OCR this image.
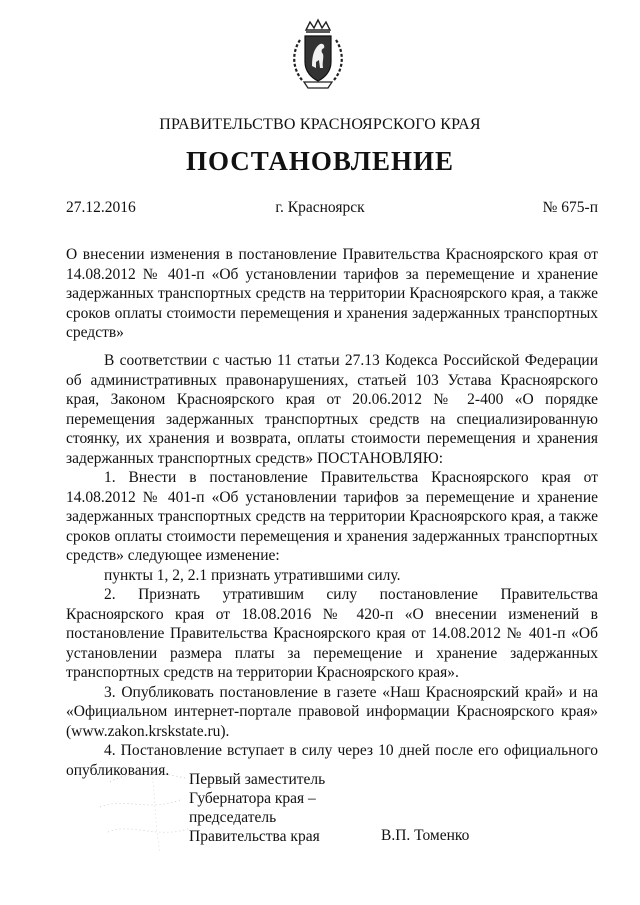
ПРАВИТЕЛЬСТВО КРАСНОЯРСКОГО КРАЯ
ПОСТАНОВЛЕНИЕ
27.12.2016	г. Красноярск	№ 675-п
О внесении изменения в постановление Правительства Красноярского края от 14.08.2012 № 401-п «Об установлении тарифов за перемещение и хранение задержанных транспортных средств на территории Красноярского края, а также сроков оплаты стоимости перемещения и хранения задержанных транспортных средств»

В соответствии с частью 11 статьи 27.13 Кодекса Российской Федерации об административных правонарушениях, статьей 103 Устава Красноярского края, Законом Красноярского края от 20.06.2012 № 2-400 «О порядке перемещения задержанных транспортных средств на специализированную стоянку, их хранения и возврата, оплаты стоимости перемещения и хранения задержанных транспортных средств» ПОСТАНОВЛЯЮ:

1. Внести в постановление Правительства Красноярского края от 14.08.2012 № 401-п «Об установлении тарифов за перемещение и хранение задержанных транспортных средств на территории Красноярского края, а также сроков оплаты стоимости перемещения и хранения задержанных транспортных средств» следующее изменение:

пункты 1, 2, 2.1 признать утратившими силу.

2. Признать утратившим силу постановление Правительства Красноярского края от 18.08.2016 № 420-п «О внесении изменений в постановление Правительства Красноярского края от 14.08.2012 № 401-п «Об установлении размера платы за перемещение и хранение задержанных транспортных средств на территории Красноярского края».

3. Опубликовать постановление в газете «Наш Красноярский край» и на «Официальном интернет-портале правовой информации Красноярского края» (www.zakon.krskstate.ru).

4. Постановление вступает в силу через 10 дней после его официального опубликования.

Первый заместитель
Губернатора края –
председатель
Правительства края	В.П. Томенко
